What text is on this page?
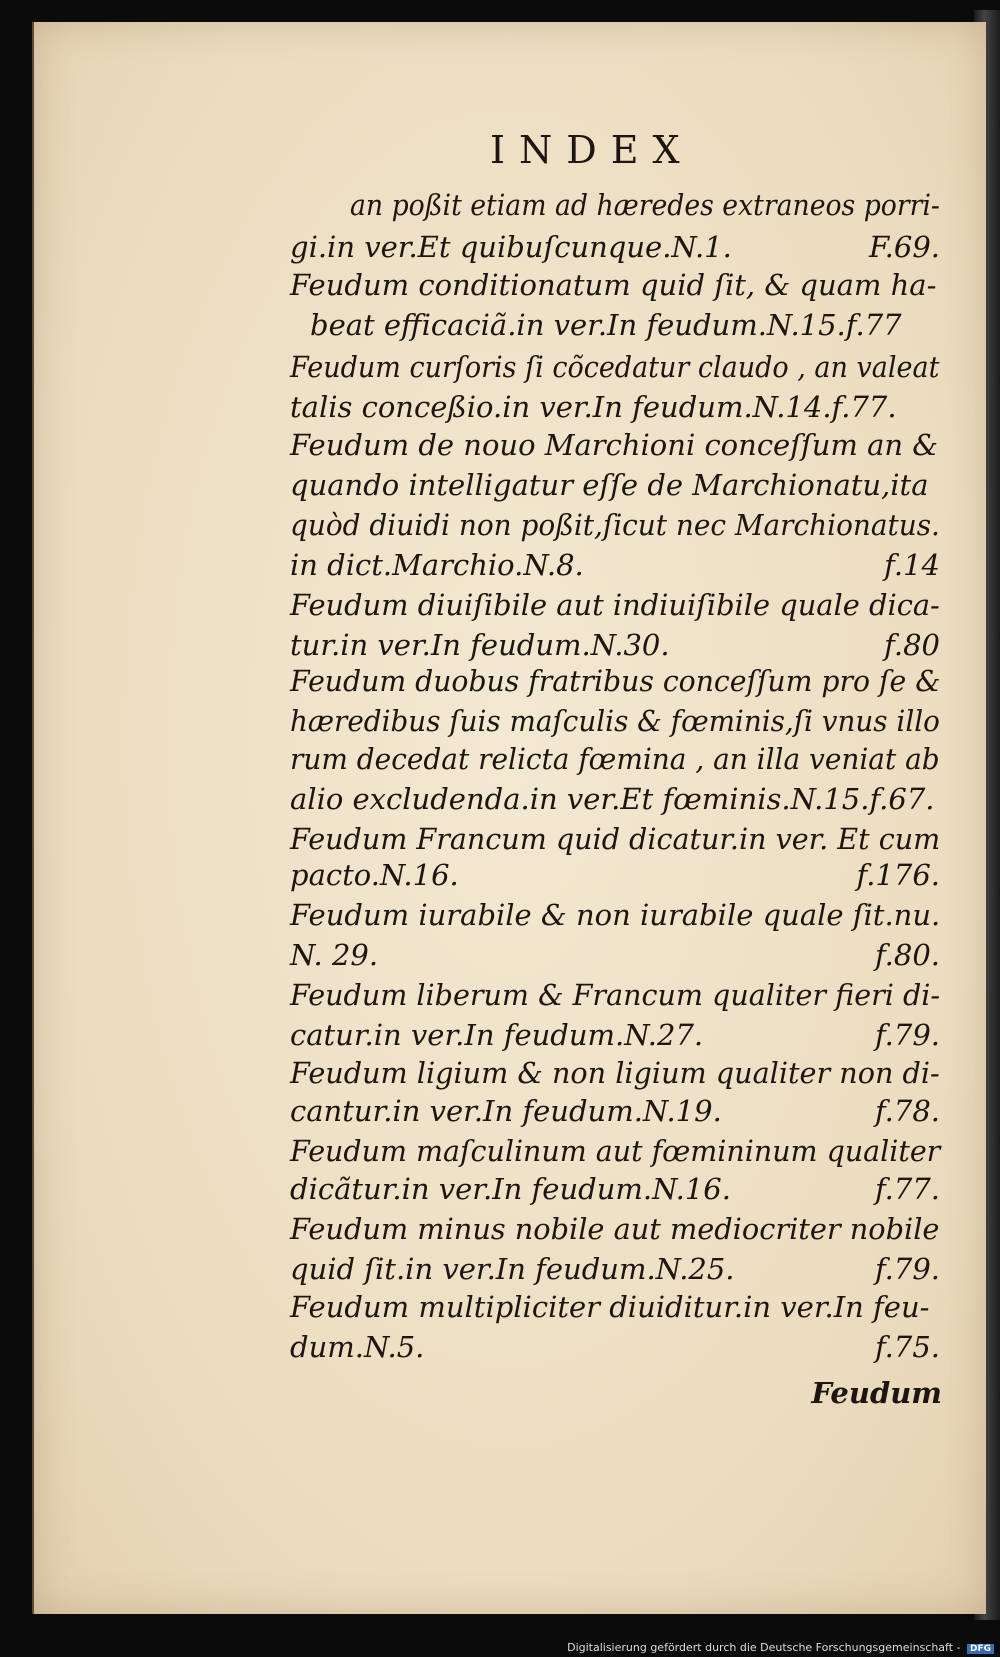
INDEX
an poßit etiam ad hæredes extraneos porri-
gi.in ver.Et quibuſcunque.N.1.	F.69.
Feudum conditionatum quid ſit, & quam ha-
beat efficaciã.in ver.In feudum.N.15.f.77
Feudum curſoris ſi cõcedatur claudo , an valeat
talis conceßio.in ver.In feudum.N.14.f.77.
Feudum de nouo Marchioni conceſſum an &
quando intelligatur eſſe de Marchionatu,ita
quòd diuidi non poßit,ſicut nec Marchionatus.
in dict.Marchio.N.8.	f.14
Feudum diuiſibile aut indiuiſibile quale dica-
tur.in ver.In feudum.N.30.	f.80
Feudum duobus fratribus conceſſum pro ſe &
hæredibus ſuis maſculis & fœminis,ſi vnus illo
rum decedat relicta fœmina , an illa veniat ab
alio excludenda.in ver.Et fœminis.N.15.f.67.
Feudum Francum quid dicatur.in ver. Et cum
pacto.N.16.	f.176.
Feudum iurabile & non iurabile quale ſit.nu.
N. 29.	f.80.
Feudum liberum & Francum qualiter fieri di-
catur.in ver.In feudum.N.27.	f.79.
Feudum ligium & non ligium qualiter non di-
cantur.in ver.In feudum.N.19.	f.78.
Feudum maſculinum aut fœmininum qualiter
dicãtur.in ver.In feudum.N.16.	f.77.
Feudum minus nobile aut mediocriter nobile
quid ſit.in ver.In feudum.N.25.	f.79.
Feudum multipliciter diuiditur.in ver.In feu-
dum.N.5.	f.75.
Feudum
Digitalisierung gefördert durch die Deutsche Forschungsgemeinschaft - DFG
